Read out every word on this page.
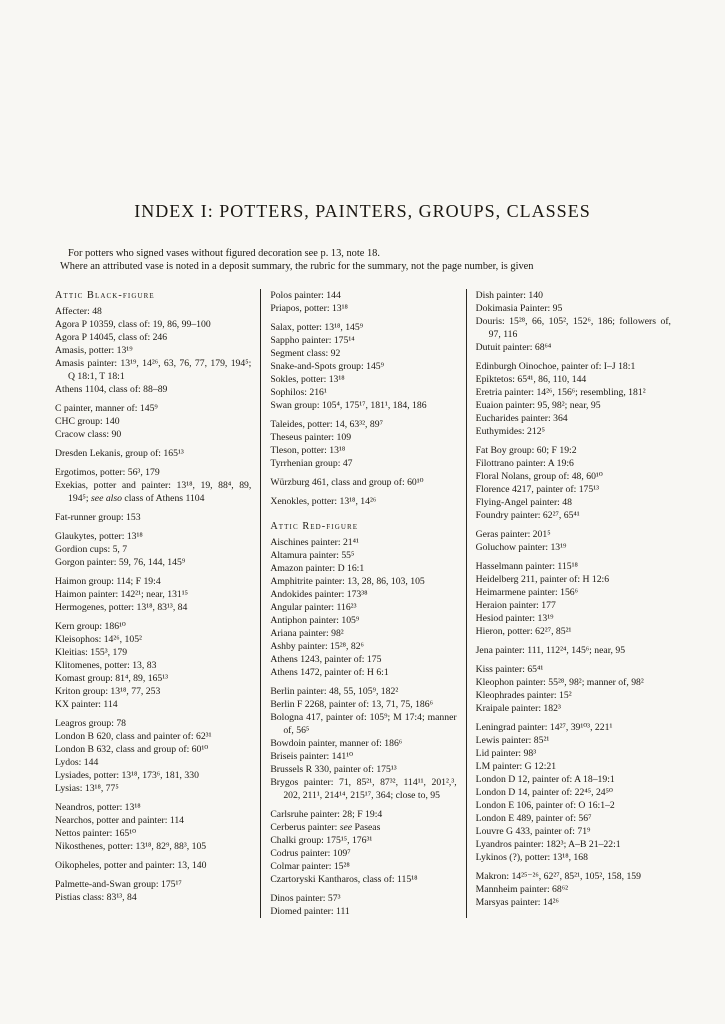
INDEX I: POTTERS, PAINTERS, GROUPS, CLASSES

For potters who signed vases without figured decoration see p. 13, note 18.

Where an attributed vase is noted in a deposit summary, the rubric for the summary, not the page number, is given

Attic Black-figure
Affecter: 48
Agora P 10359, class of: 19, 86, 99–100
Agora P 14045, class of: 246
Amasis, potter: 13¹⁹
Amasis painter: 13¹⁹, 14²⁶, 63, 76, 77, 179, 194⁵; Q 18:1, T 18:1
Athens 1104, class of: 88–89
C painter, manner of: 145⁹
CHC group: 140
Cracow class: 90
Dresden Lekanis, group of: 165¹³
Ergotimos, potter: 56³, 179
Exekias, potter and painter: 13¹⁸, 19, 88⁴, 89, 194⁵; see also class of Athens 1104
Fat-runner group: 153
Glaukytes, potter: 13¹⁸
Gordion cups: 5, 7
Gorgon painter: 59, 76, 144, 145⁹
Haimon group: 114; F 19:4
Haimon painter: 142²¹; near, 131¹⁵
Hermogenes, potter: 13¹⁸, 83¹³, 84
Kern group: 186¹⁰
Kleisophos: 14²⁶, 105²
Kleitias: 155³, 179
Klitomenes, potter: 13, 83
Komast group: 81⁴, 89, 165¹³
Kriton group: 13¹⁸, 77, 253
KX painter: 114
Leagros group: 78
London B 620, class and painter of: 62³¹
London B 632, class and group of: 60¹⁰
Lydos: 144
Lysiades, potter: 13¹⁸, 173⁶, 181, 330
Lysias: 13¹⁸, 77⁵
Neandros, potter: 13¹⁸
Nearchos, potter and painter: 114
Nettos painter: 165¹⁰
Nikosthenes, potter: 13¹⁸, 82⁹, 88³, 105
Oikopheles, potter and painter: 13, 140
Palmette-and-Swan group: 175¹⁷
Pistias class: 83¹³, 84
Polos painter: 144
Priapos, potter: 13¹⁸
Salax, potter: 13¹⁸, 145⁹
Sappho painter: 175¹⁴
Segment class: 92
Snake-and-Spots group: 145⁹
Sokles, potter: 13¹⁸
Sophilos: 216¹
Swan group: 105⁴, 175¹⁷, 181¹, 184, 186
Taleides, potter: 14, 63³², 89⁷
Theseus painter: 109
Tleson, potter: 13¹⁸
Tyrrhenian group: 47
Würzburg 461, class and group of: 60¹⁰
Xenokles, potter: 13¹⁸, 14²⁶
Attic Red-figure
Aischines painter: 21⁴¹
Altamura painter: 55⁵
Amazon painter: D 16:1
Amphitrite painter: 13, 28, 86, 103, 105
Andokides painter: 173³⁸
Angular painter: 116²³
Antiphon painter: 105⁹
Ariana painter: 98²
Ashby painter: 15²⁸, 82⁶
Athens 1243, painter of: 175
Athens 1472, painter of: H 6:1
Berlin painter: 48, 55, 105⁹, 182²
Berlin F 2268, painter of: 13, 71, 75, 186⁶
Bologna 417, painter of: 105⁹; M 17:4; manner of, 56⁵
Bowdoin painter, manner of: 186⁶
Briseis painter: 141¹⁰
Brussels R 330, painter of: 175¹³
Brygos painter: 71, 85²¹, 87³², 114¹¹, 201²,³, 202, 211¹, 214¹⁴, 215¹⁷, 364; close to, 95
Carlsruhe painter: 28; F 19:4
Cerberus painter: see Paseas
Chalki group: 175¹⁵, 176³¹
Codrus painter: 109⁷
Colmar painter: 15²⁸
Czartoryski Kantharos, class of: 115¹⁸
Dinos painter: 57³
Diomed painter: 111
Dish painter: 140
Dokimasia Painter: 95
Douris: 15²⁸, 66, 105², 152⁶, 186; followers of, 97, 116
Dutuit painter: 68⁶⁴
Edinburgh Oinochoe, painter of: I–J 18:1
Epiktetos: 65⁴¹, 86, 110, 144
Eretria painter: 14²⁶, 156⁶; resembling, 181²
Euaion painter: 95, 98²; near, 95
Eucharides painter: 364
Euthymides: 212⁵
Fat Boy group: 60; F 19:2
Filottrano painter: A 19:6
Floral Nolans, group of: 48, 60¹⁰
Florence 4217, painter of: 175¹³
Flying-Angel painter: 48
Foundry painter: 62²⁷, 65⁴¹
Geras painter: 201⁵
Goluchow painter: 13¹⁹
Hasselmann painter: 115¹⁸
Heidelberg 211, painter of: H 12:6
Heimarmene painter: 156⁶
Heraion painter: 177
Hesiod painter: 13¹⁹
Hieron, potter: 62²⁷, 85²¹
Jena painter: 111, 112²⁴, 145⁶; near, 95
Kiss painter: 65⁴¹
Kleophon painter: 55²⁸, 98²; manner of, 98²
Kleophrades painter: 15²
Kraipale painter: 182³
Leningrad painter: 14²⁷, 39¹⁰³, 221¹
Lewis painter: 85²¹
Lid painter: 98³
LM painter: G 12:21
London D 12, painter of: A 18–19:1
London D 14, painter of: 22⁴⁵, 24⁵⁰
London E 106, painter of: O 16:1–2
London E 489, painter of: 56⁷
Louvre G 433, painter of: 71⁹
Lyandros painter: 182³; A–B 21–22:1
Lykinos (?), potter: 13¹⁸, 168
Makron: 14²⁵⁻²⁶, 62²⁷, 85²¹, 105², 158, 159
Mannheim painter: 68⁶²
Marsyas painter: 14²⁶
